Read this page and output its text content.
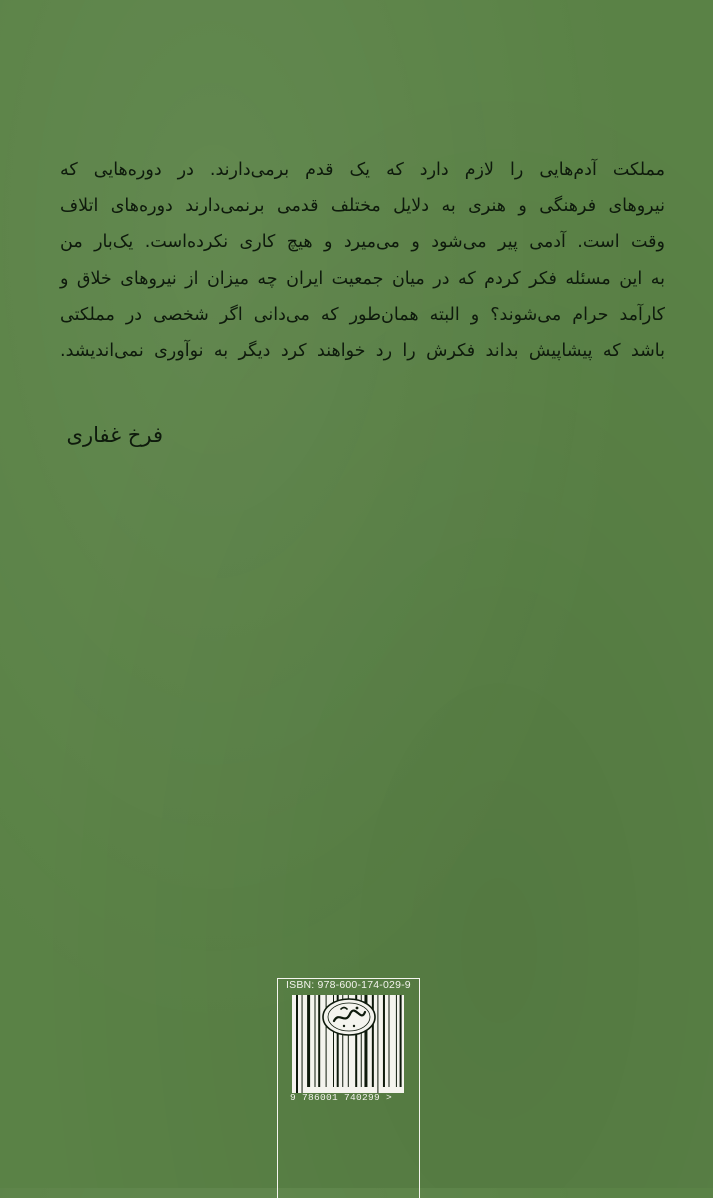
مملکت آدم‌هایی را لازم دارد که یک قدم برمی‌دارند. در دوره‌هایی که
نیروهای فرهنگی و هنری به دلایل مختلف قدمی برنمی‌دارند دوره‌های اتلاف
وقت است. آدمی پیر می‌شود و می‌میرد و هیچ کاری نکرده‌است. یک‌بار من
به این مسئله فکر کردم که در میان جمعیت ایران چه میزان از نیروهای خلاق و
کارآمد حرام می‌شوند؟ و البته همان‌طور که می‌دانی اگر شخصی در مملکتی
باشد که پیشاپیش بداند فکرش را رد خواهند کرد دیگر به نوآوری نمی‌اندیشد.
فرخ غفاری
ISBN: 978-600-174-029-9
9 786001 740299 >
